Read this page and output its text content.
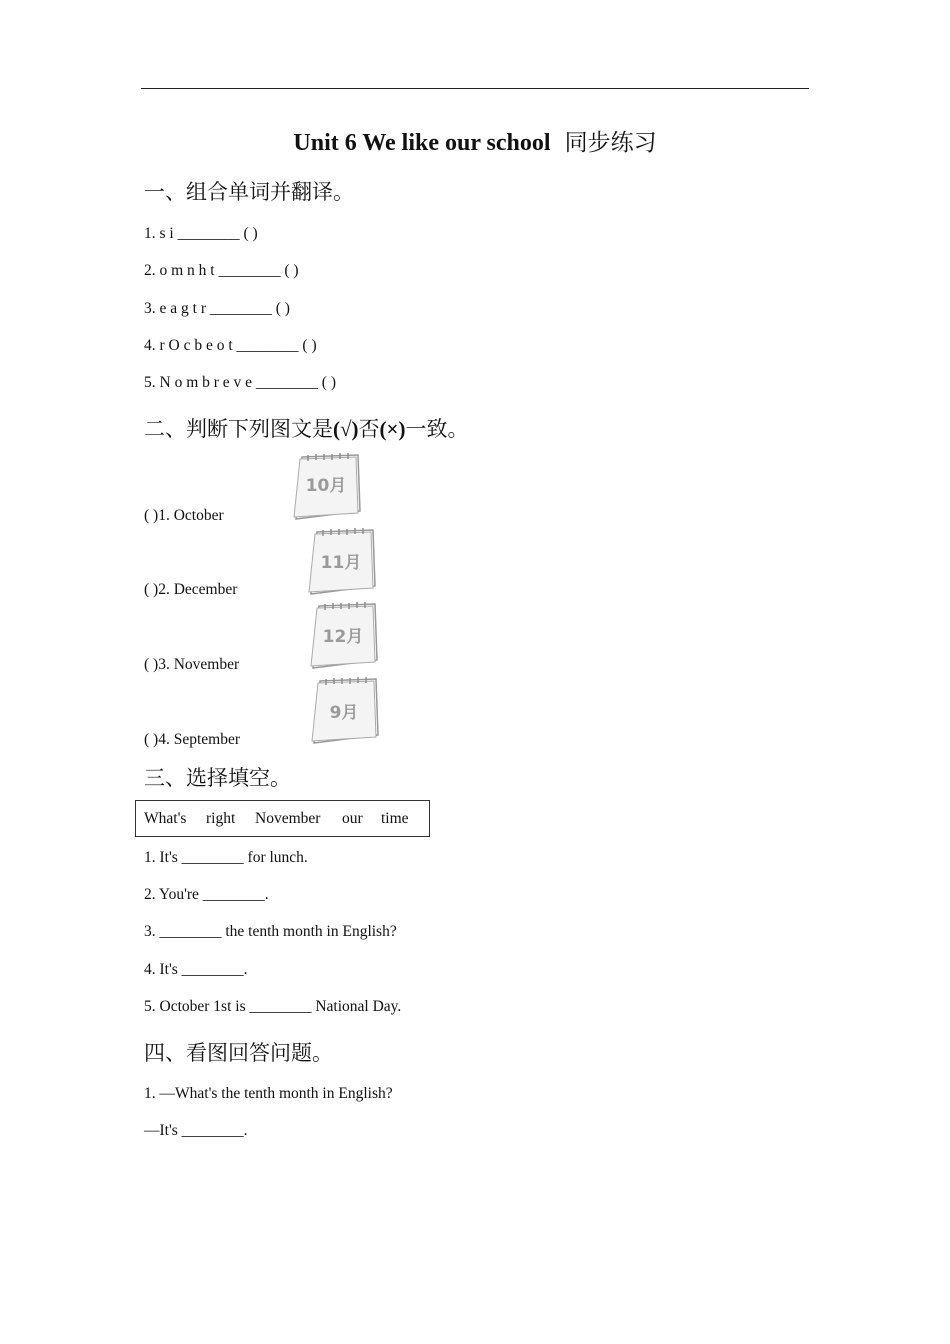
Unit 6 We like our school 同步练习
一、组合单词并翻译。
1. s i ________ ( )
2. o m n h t ________ ( )
3. e a g t r ________ ( )
4. r O c b e o t ________ ( )
5. N o m b r e v e ________ ( )
二、判断下列图文是(√)否(×)一致。
( )1. October
( )2. December
( )3. November
( )4. September
10月
11月
12月
9月
三、选择填空。
What's right November our time
1. It's ________ for lunch.
2. You're ________.
3. ________ the tenth month in English?
4. It's ________.
5. October 1st is ________ National Day.
四、看图回答问题。
1. —What's the tenth month in English?
—It's ________.
